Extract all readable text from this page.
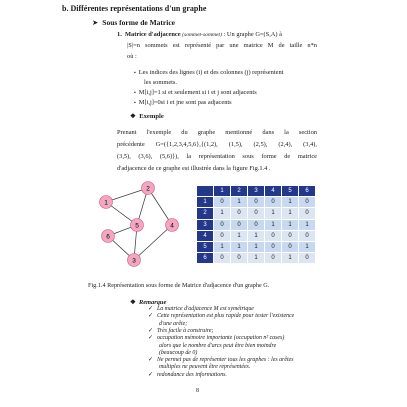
b. Différentes représentations d'un graphe
➤ Sous forme de Matrice
1. Matrice d'adjacence (sommet-sommet) : Un graphe G=(S,A) à
|S|=n sommets est représenté par une matrice M de taille n*n
où :
▪ Les indices des lignes (i) et des colonnes (j) représentent
les sommets.
▪ M[i,j]=1 si et seulement si i et j sont adjacents
▪ M[i,j]=0si i et jne sont pas adjacents
❖ Exemple
Prenant l'exemple du graphe mentionné dans la section
précédente G=({1,2,3,4,5,6},{(1,2), (1,5), (2,5), (2,4), (3,4),
(3,5), (3,6), (5,6)}), la représentation sous forme de matrice
d'adjacence de ce graphe est illustrée dans la figure Fig.1.4 .
1
2
3
4
5
6
	1	2	3	4	5	6
1	0	1	0	0	1	0
2	1	0	0	1	1	0
3	0	0	0	1	1	1
4	0	1	1	0	0	0
5	1	1	1	0	0	1
6	0	0	1	0	1	0
Fig.1.4 Représentation sous forme de Matrice d'adjacence d'un graphe G.
❖ Remarque
✓ La matrice d'adjacence M est symétrique
✓ Cette représentation est plus rapide pour tester l'existence
d'une arête;
✓ Très facile à construire;
✓ occupation mémoire importante (occupation n² cases)
alors que le nombre d'arcs peut être bien moindre
(beaucoup de 0)
✓ Ne permet pas de représenter tous les graphes : les arêtes
multiples ne peuvent être représentées.
✓ redondance des informations.
8
